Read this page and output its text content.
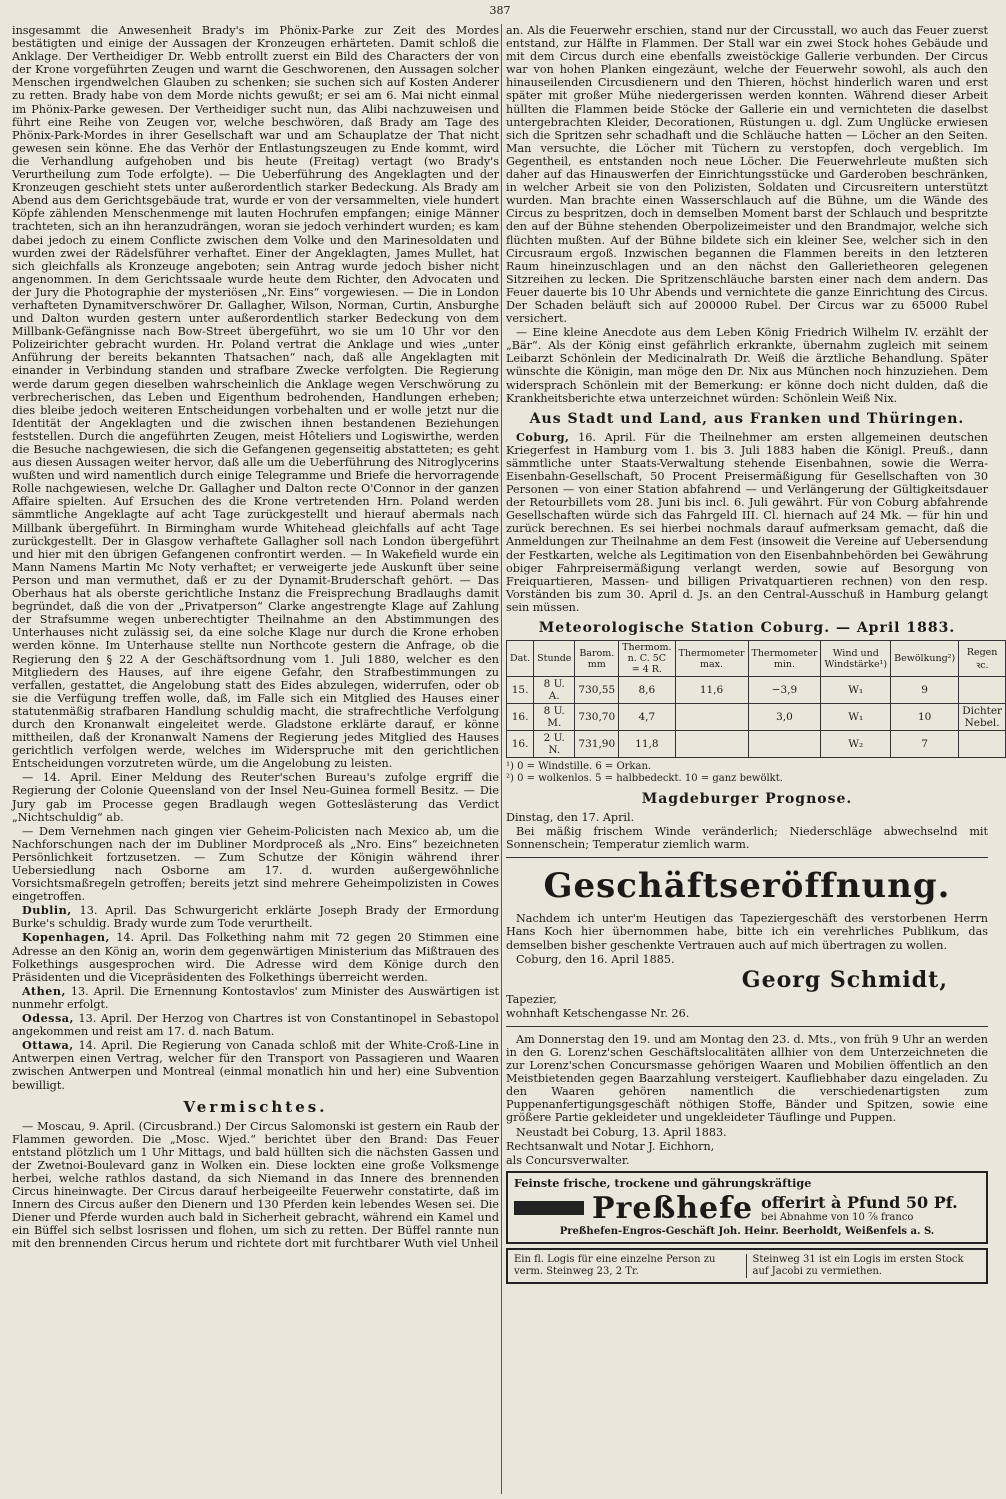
387

insgesammt die Anwesenheit Brady's im Phönix-Parke zur Zeit des Mordes bestätigten und einige der Aussagen der Kronzeugen erhärteten. Damit schloß die Anklage. Der Vertheidiger Dr. Webb entrollt zuerst ein Bild des Characters der von der Krone vorgeführten Zeugen und warnt die Geschworenen, den Aussagen solcher Menschen irgendwelchen Glauben zu schenken; sie suchen sich auf Kosten Anderer zu retten. Brady habe von dem Morde nichts gewußt; er sei am 6. Mai nicht einmal im Phönix-Parke gewesen. Der Vertheidiger sucht nun, das Alibi nachzuweisen und führt eine Reihe von Zeugen vor, welche beschwören, daß Brady am Tage des Phönix-Park-Mordes in ihrer Gesellschaft war und am Schauplatze der That nicht gewesen sein könne. Ehe das Verhör der Entlastungszeugen zu Ende kommt, wird die Verhandlung aufgehoben und bis heute (Freitag) vertagt (wo Brady's Verurtheilung zum Tode erfolgte). — Die Ueberführung des Angeklagten und der Kronzeugen geschieht stets unter außerordentlich starker Bedeckung. Als Brady am Abend aus dem Gerichtsgebäude trat, wurde er von der versammelten, viele hundert Köpfe zählenden Menschenmenge mit lauten Hochrufen empfangen; einige Männer trachteten, sich an ihn heranzudrängen, woran sie jedoch verhindert wurden; es kam dabei jedoch zu einem Conflicte zwischen dem Volke und den Marinesoldaten und wurden zwei der Rädelsführer verhaftet. Einer der Angeklagten, James Mullet, hat sich gleichfalls als Kronzeuge angeboten; sein Antrag wurde jedoch bisher nicht angenommen. In dem Gerichtssaale wurde heute dem Richter, den Advocaten und der Jury die Photographie der mysteriösen „Nr. Eins“ vorgewiesen. — Die in London verhafteten Dynamitverschwörer Dr. Gallagher, Wilson, Norman, Curtin, Ansburghe und Dalton wurden gestern unter außerordentlich starker Bedeckung von dem Millbank-Gefängnisse nach Bow-Street übergeführt, wo sie um 10 Uhr vor den Polizeirichter gebracht wurden. Hr. Poland vertrat die Anklage und wies „unter Anführung der bereits bekannten Thatsachen“ nach, daß alle Angeklagten mit einander in Verbindung standen und strafbare Zwecke verfolgten. Die Regierung werde darum gegen dieselben wahrscheinlich die Anklage wegen Verschwörung zu verbrecherischen, das Leben und Eigenthum bedrohenden, Handlungen erheben; dies bleibe jedoch weiteren Entscheidungen vorbehalten und er wolle jetzt nur die Identität der Angeklagten und die zwischen ihnen bestandenen Beziehungen feststellen. Durch die angeführten Zeugen, meist Hôteliers und Logiswirthe, werden die Besuche nachgewiesen, die sich die Gefangenen gegenseitig abstatteten; es geht aus diesen Aussagen weiter hervor, daß alle um die Ueberführung des Nitroglycerins wußten und wird namentlich durch einige Telegramme und Briefe die hervorragende Rolle nachgewiesen, welche Dr. Gallagher und Dalton recte O'Connor in der ganzen Affaire spielten. Auf Ersuchen des die Krone vertretenden Hrn. Poland werden sämmtliche Angeklagte auf acht Tage zurückgestellt und hierauf abermals nach Millbank übergeführt. In Birmingham wurde Whitehead gleichfalls auf acht Tage zurückgestellt. Der in Glasgow verhaftete Gallagher soll nach London übergeführt und hier mit den übrigen Gefangenen confrontirt werden. — In Wakefield wurde ein Mann Namens Martin Mc Noty verhaftet; er verweigerte jede Auskunft über seine Person und man vermuthet, daß er zu der Dynamit-Bruderschaft gehört. — Das Oberhaus hat als oberste gerichtliche Instanz die Freisprechung Bradlaughs damit begründet, daß die von der „Privatperson“ Clarke angestrengte Klage auf Zahlung der Strafsumme wegen unberechtigter Theilnahme an den Abstimmungen des Unterhauses nicht zulässig sei, da eine solche Klage nur durch die Krone erhoben werden könne. Im Unterhause stellte nun Northcote gestern die Anfrage, ob die Regierung den § 22 A der Geschäftsordnung vom 1. Juli 1880, welcher es den Mitgliedern des Hauses, auf ihre eigene Gefahr, den Strafbestimmungen zu verfallen, gestattet, die Angelobung statt des Eides abzulegen, widerrufen, oder ob sie die Verfügung treffen wolle, daß, im Falle sich ein Mitglied des Hauses einer statutenmäßig strafbaren Handlung schuldig macht, die strafrechtliche Verfolgung durch den Kronanwalt eingeleitet werde. Gladstone erklärte darauf, er könne mittheilen, daß der Kronanwalt Namens der Regierung jedes Mitglied des Hauses gerichtlich verfolgen werde, welches im Widerspruche mit den gerichtlichen Entscheidungen vorzutreten würde, um die Angelobung zu leisten.

— 14. April. Einer Meldung des Reuter'schen Bureau's zufolge ergriff die Regierung der Colonie Queensland von der Insel Neu-Guinea formell Besitz. — Die Jury gab im Processe gegen Bradlaugh wegen Gotteslästerung das Verdict „Nichtschuldig“ ab.

— Dem Vernehmen nach gingen vier Geheim-Policisten nach Mexico ab, um die Nachforschungen nach der im Dubliner Mordproceß als „Nro. Eins“ bezeichneten Persönlichkeit fortzusetzen. — Zum Schutze der Königin während ihrer Uebersiedlung nach Osborne am 17. d. wurden außergewöhnliche Vorsichtsmaßregeln getroffen; bereits jetzt sind mehrere Geheimpolizisten in Cowes eingetroffen.

Dublin, 13. April. Das Schwurgericht erklärte Joseph Brady der Ermordung Burke's schuldig. Brady wurde zum Tode verurtheilt.

Kopenhagen, 14. April. Das Folkething nahm mit 72 gegen 20 Stimmen eine Adresse an den König an, worin dem gegenwärtigen Ministerium das Mißtrauen des Folkethings ausgesprochen wird. Die Adresse wird dem Könige durch den Präsidenten und die Vicepräsidenten des Folkethings überreicht werden.

Athen, 13. April. Die Ernennung Kontostavlos' zum Minister des Auswärtigen ist nunmehr erfolgt.

Odessa, 13. April. Der Herzog von Chartres ist von Constantinopel in Sebastopol angekommen und reist am 17. d. nach Batum.

Ottawa, 14. April. Die Regierung von Canada schloß mit der White-Croß-Line in Antwerpen einen Vertrag, welcher für den Transport von Passagieren und Waaren zwischen Antwerpen und Montreal (einmal monatlich hin und her) eine Subvention bewilligt.

Vermischtes.

— Moscau, 9. April. (Circusbrand.) Der Circus Salomonski ist gestern ein Raub der Flammen geworden. Die „Mosc. Wjed.“ berichtet über den Brand: Das Feuer entstand plötzlich um 1 Uhr Mittags, und bald hüllten sich die nächsten Gassen und der Zwetnoi-Boulevard ganz in Wolken ein. Diese lockten eine große Volksmenge herbei, welche rathlos dastand, da sich Niemand in das Innere des brennenden Circus hineinwagte. Der Circus darauf herbeigeeilte Feuerwehr constatirte, daß im Innern des Circus außer den Dienern und 130 Pferden kein lebendes Wesen sei. Die Diener und Pferde wurden auch bald in Sicherheit gebracht, während ein Kamel und ein Büffel sich selbst losrissen und flohen, um sich zu retten. Der Büffel rannte nun mit den brennenden Circus herum und richtete dort mit furchtbarer Wuth viel Unheil

an. Als die Feuerwehr erschien, stand nur der Circusstall, wo auch das Feuer zuerst entstand, zur Hälfte in Flammen. Der Stall war ein zwei Stock hohes Gebäude und mit dem Circus durch eine ebenfalls zweistöckige Gallerie verbunden. Der Circus war von hohen Planken eingezäunt, welche der Feuerwehr sowohl, als auch den hinauseilenden Circusdienern und den Thieren, höchst hinderlich waren und erst später mit großer Mühe niedergerissen werden konnten. Während dieser Arbeit hüllten die Flammen beide Stöcke der Gallerie ein und vernichteten die daselbst untergebrachten Kleider, Decorationen, Rüstungen u. dgl. Zum Unglücke erwiesen sich die Spritzen sehr schadhaft und die Schläuche hatten — Löcher an den Seiten. Man versuchte, die Löcher mit Tüchern zu verstopfen, doch vergeblich. Im Gegentheil, es entstanden noch neue Löcher. Die Feuerwehrleute mußten sich daher auf das Hinauswerfen der Einrichtungsstücke und Garderoben beschränken, in welcher Arbeit sie von den Polizisten, Soldaten und Circusreitern unterstützt wurden. Man brachte einen Wasserschlauch auf die Bühne, um die Wände des Circus zu bespritzen, doch in demselben Moment barst der Schlauch und bespritzte den auf der Bühne stehenden Oberpolizeimeister und den Brandmajor, welche sich flüchten mußten. Auf der Bühne bildete sich ein kleiner See, welcher sich in den Circusraum ergoß. Inzwischen begannen die Flammen bereits in den letzteren Raum hineinzuschlagen und an den nächst den Gallerietheoren gelegenen Sitzreihen zu lecken. Die Spritzenschläuche barsten einer nach dem andern. Das Feuer dauerte bis 10 Uhr Abends und vernichtete die ganze Einrichtung des Circus. Der Schaden beläuft sich auf 200000 Rubel. Der Circus war zu 65000 Rubel versichert.

— Eine kleine Anecdote aus dem Leben König Friedrich Wilhelm IV. erzählt der „Bär“. Als der König einst gefährlich erkrankte, übernahm zugleich mit seinem Leibarzt Schönlein der Medicinalrath Dr. Weiß die ärztliche Behandlung. Später wünschte die Königin, man möge den Dr. Nix aus München noch hinzuziehen. Dem widersprach Schönlein mit der Bemerkung: er könne doch nicht dulden, daß die Krankheitsberichte etwa unterzeichnet würden: Schönlein Weiß Nix.

Aus Stadt und Land, aus Franken und Thüringen.

Coburg, 16. April. Für die Theilnehmer am ersten allgemeinen deutschen Kriegerfest in Hamburg vom 1. bis 3. Juli 1883 haben die Königl. Preuß., dann sämmtliche unter Staats-Verwaltung stehende Eisenbahnen, sowie die Werra-Eisenbahn-Gesellschaft, 50 Procent Preisermäßigung für Gesellschaften von 30 Personen — von einer Station abfahrend — und Verlängerung der Gültigkeitsdauer der Retourbillets vom 28. Juni bis incl. 6. Juli gewährt. Für von Coburg abfahrende Gesellschaften würde sich das Fahrgeld III. Cl. hiernach auf 24 Mk. — für hin und zurück berechnen. Es sei hierbei nochmals darauf aufmerksam gemacht, daß die Anmeldungen zur Theilnahme an dem Fest (insoweit die Vereine auf Uebersendung der Festkarten, welche als Legitimation von den Eisenbahnbehörden bei Gewährung obiger Fahrpreisermäßigung verlangt werden, sowie auf Besorgung von Freiquartieren, Massen- und billigen Privatquartieren rechnen) von den resp. Vorständen bis zum 30. April d. Js. an den Central-Ausschuß in Hamburg gelangt sein müssen.

Meteorologische Station Coburg. — April 1883.
Dat.	Stunde	Barom. mm	Thermom. n. C. 5C = 4 R.	Thermometer max.	Thermometer min.	Wind und Windstärke¹)	Bewölkung²)	Regen ꝛc.
15.	8 U. A.	730,55	8,6	11,6	−3,9	W₁	9	
16.	8 U. M.	730,70	4,7		3,0	W₁	10	Dichter Nebel.
16.	2 U. N.	731,90	11,8			W₂	7	

¹) 0 = Windstille. 6 = Orkan.

²) 0 = wolkenlos. 5 = halbbedeckt. 10 = ganz bewölkt.

Magdeburger Prognose.

Dinstag, den 17. April.

Bei mäßig frischem Winde veränderlich; Niederschläge abwechselnd mit Sonnenschein; Temperatur ziemlich warm.

Geschäftseröffnung.

Nachdem ich unter'm Heutigen das Tapeziergeschäft des verstorbenen Herrn Hans Koch hier übernommen habe, bitte ich ein verehrliches Publikum, das demselben bisher geschenkte Vertrauen auch auf mich übertragen zu wollen.

Coburg, den 16. April 1885.

Georg Schmidt,

Tapezier,

wohnhaft Ketschengasse Nr. 26.

Am Donnerstag den 19. und am Montag den 23. d. Mts., von früh 9 Uhr an werden in den G. Lorenz'schen Geschäftslocalitäten allhier von dem Unterzeichneten die zur Lorenz'schen Concursmasse gehörigen Waaren und Mobilien öffentlich an den Meistbietenden gegen Baarzahlung versteigert. Kaufliebhaber dazu eingeladen. Zu den Waaren gehören namentlich die verschiedenartigsten zum Puppenanfertigungsgeschäft nöthigen Stoffe, Bänder und Spitzen, sowie eine größere Partie gekleideter und ungekleideter Täuflinge und Puppen.

Neustadt bei Coburg, 13. April 1883.

Rechtsanwalt und Notar J. Eichhorn,

als Concursverwalter.

Feinste frische, trockene und gährungskräftige

Preßhefe offerirt à Pfund 50 Pf.
bei Abnahme von 10 ⅞ franco

Preßhefen-Engros-Geschäft Joh. Heinr. Beerholdt, Weißenfels a. S.

Ein fl. Logis für eine einzelne Person zu verm. Steinweg 23, 2 Tr.

Steinweg 31 ist ein Logis im ersten Stock auf Jacobi zu vermiethen.
